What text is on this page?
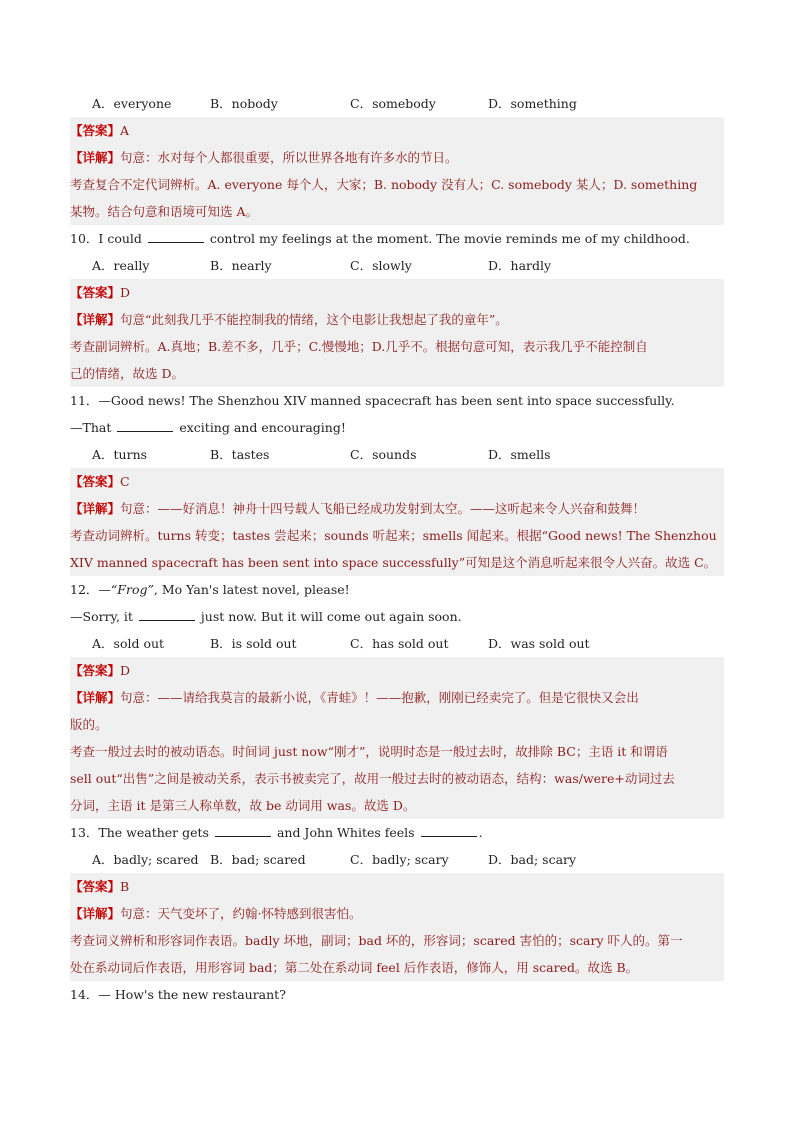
A．everyone	B．nobody	C．somebody	D．something
【答案】A
【详解】句意：水对每个人都很重要，所以世界各地有许多水的节日。
考查复合不定代词辨析。A. everyone 每个人，大家；B. nobody 没有人；C. somebody 某人；D. something
某物。结合句意和语境可知选 A。
10．I could	control my feelings at the moment. The movie reminds me of my childhood.
A．really	B．nearly	C．slowly	D．hardly
【答案】D
【详解】句意“此刻我几乎不能控制我的情绪，这个电影让我想起了我的童年”。
考查副词辨析。A.真地；B.差不多，几乎；C.慢慢地；D.几乎不。根据句意可知，表示我几乎不能控制自
己的情绪，故选 D。
11．—Good news! The Shenzhou XIV manned spacecraft has been sent into space successfully.
—That	exciting and encouraging!
A．turns	B．tastes	C．sounds	D．smells
【答案】C
【详解】句意：——好消息！神舟十四号载人飞船已经成功发射到太空。——这听起来令人兴奋和鼓舞！
考查动词辨析。turns 转变；tastes 尝起来；sounds 听起来；smells 闻起来。根据“Good news! The Shenzhou
XIV manned spacecraft has been sent into space successfully”可知是这个消息听起来很令人兴奋。故选 C。
12．—“Frog”, Mo Yan's latest novel, please!
—Sorry, it	just now. But it will come out again soon.
A．sold out	B．is sold out	C．has sold out	D．was sold out
【答案】D
【详解】句意：——请给我莫言的最新小说，《青蛙》！——抱歉，刚刚已经卖完了。但是它很快又会出
版的。
考查一般过去时的被动语态。时间词 just now“刚才”，说明时态是一般过去时，故排除 BC；主语 it 和谓语
sell out“出售”之间是被动关系，表示书被卖完了，故用一般过去时的被动语态，结构：was/were+动词过去
分词，主语 it 是第三人称单数，故 be 动词用 was。故选 D。
13．The weather gets	and John Whites feels	.
A．badly; scared B．bad; scared	C．badly; scary	D．bad; scary
【答案】B
【详解】句意：天气变坏了，约翰·怀特感到很害怕。
考查词义辨析和形容词作表语。badly 坏地，副词；bad 坏的，形容词；scared 害怕的；scary 吓人的。第一
处在系动词后作表语，用形容词 bad；第二处在系动词 feel 后作表语，修饰人，用 scared。故选 B。
14．— How's the new restaurant?
